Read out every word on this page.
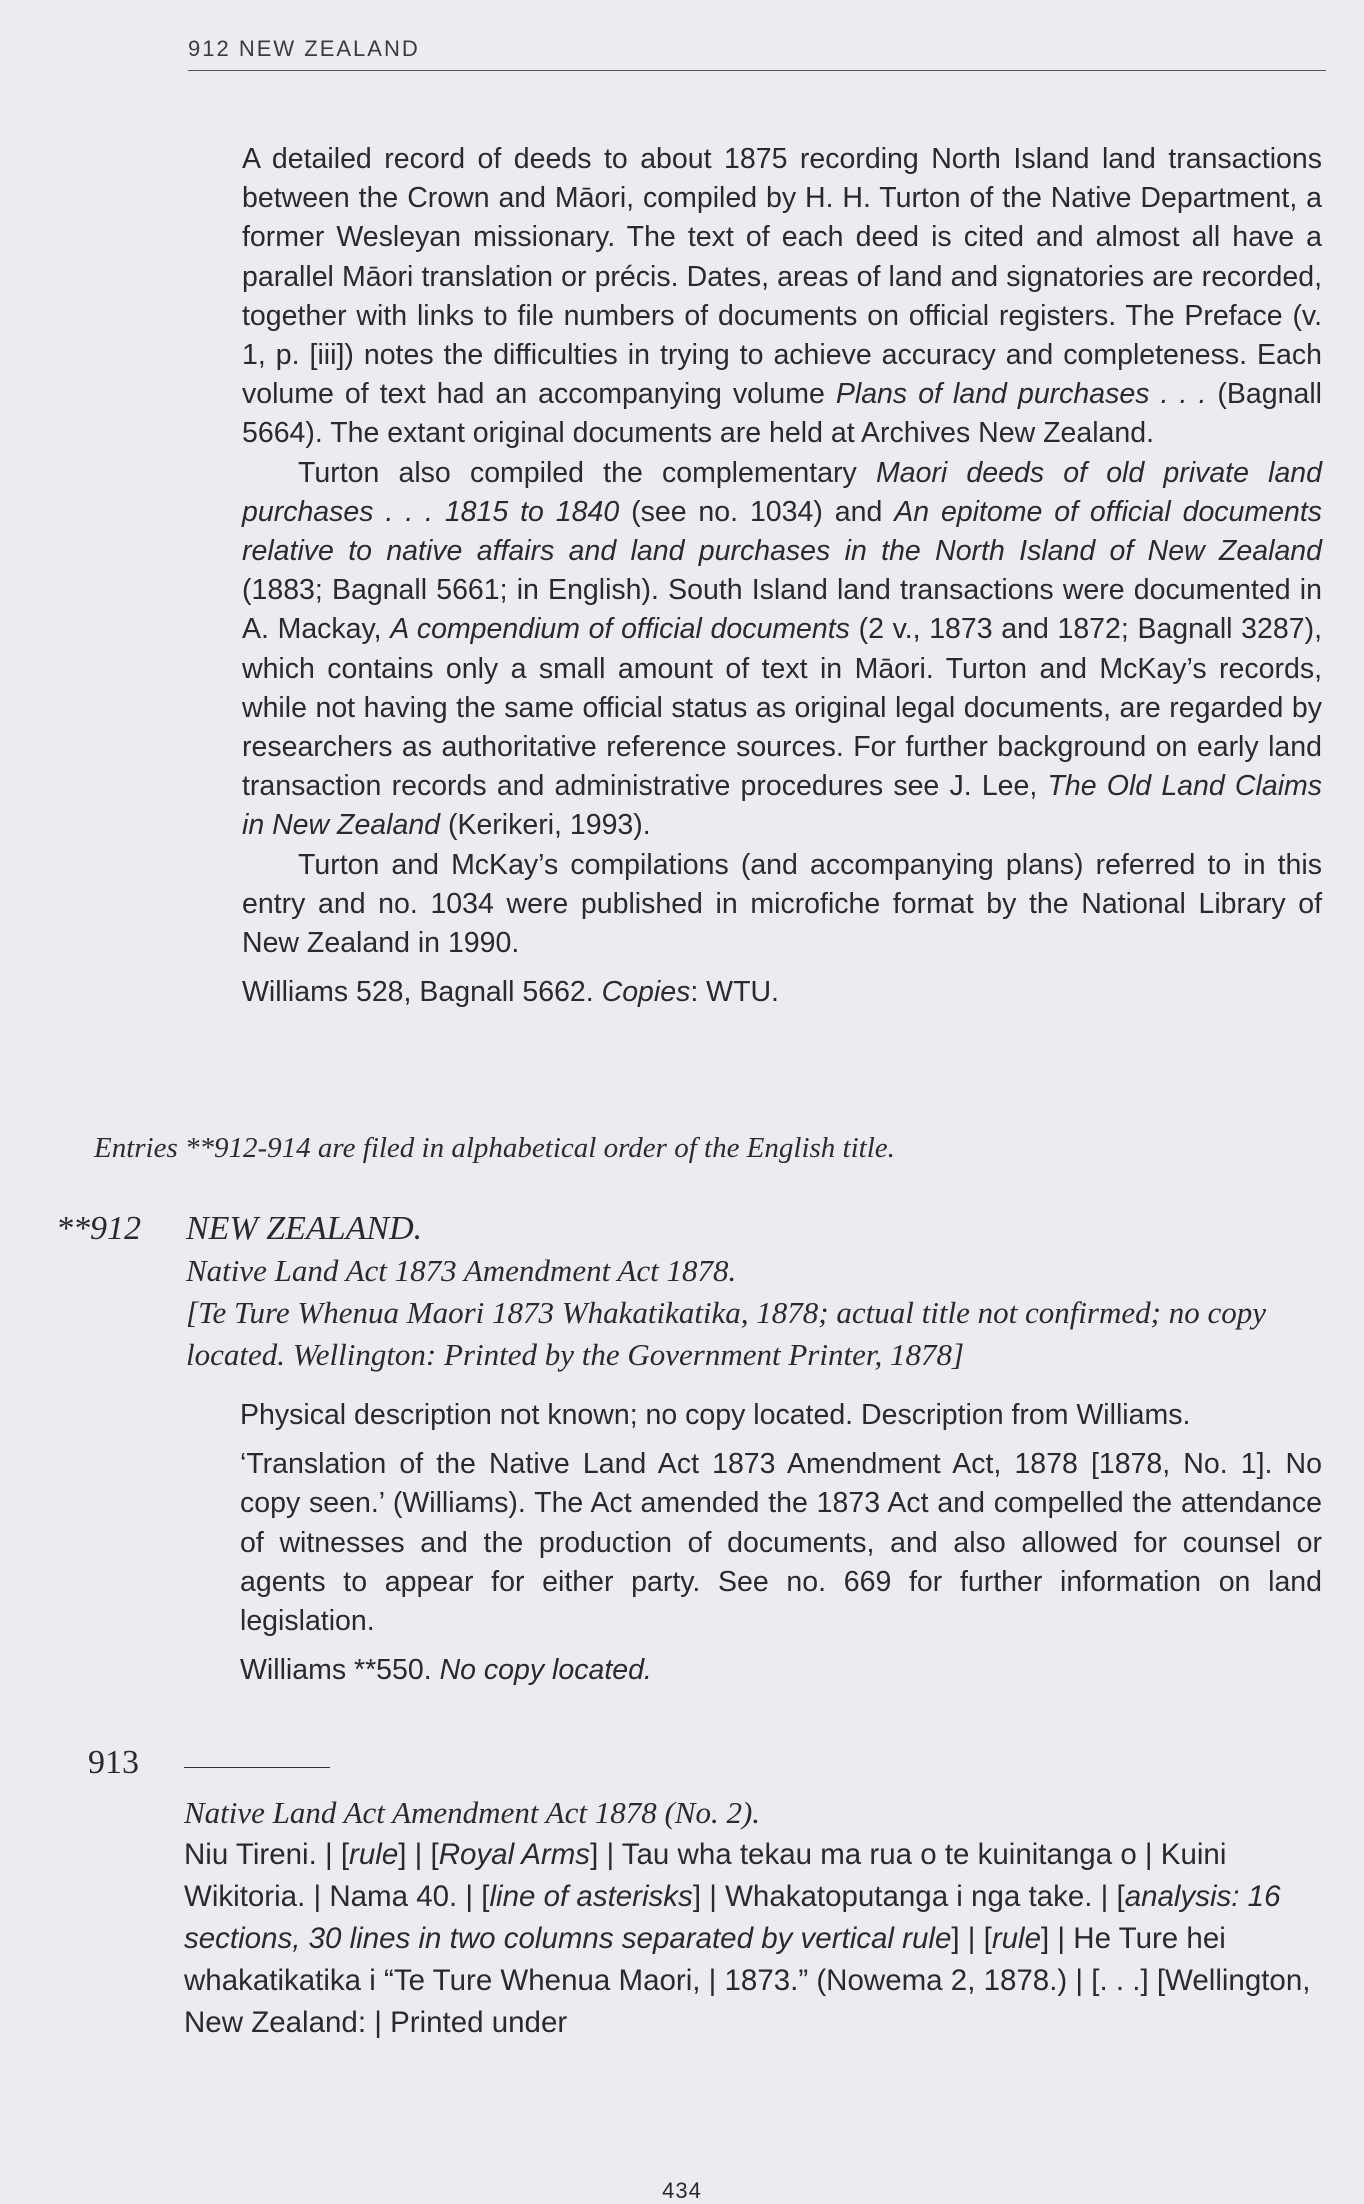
912 NEW ZEALAND

A detailed record of deeds to about 1875 recording North Island land transactions between the Crown and Māori, compiled by H. H. Turton of the Native Department, a former Wesleyan missionary. The text of each deed is cited and almost all have a parallel Māori translation or précis. Dates, areas of land and signatories are recorded, together with links to file numbers of documents on official registers. The Preface (v. 1, p. [iii]) notes the difficulties in trying to achieve accuracy and completeness. Each volume of text had an accompanying volume Plans of land purchases . . . (Bagnall 5664). The extant original documents are held at Archives New Zealand.

Turton also compiled the complementary Maori deeds of old private land purchases . . . 1815 to 1840 (see no. 1034) and An epitome of official documents relative to native affairs and land purchases in the North Island of New Zealand (1883; Bagnall 5661; in English). South Island land transactions were documented in A. Mackay, A compendium of official documents (2 v., 1873 and 1872; Bagnall 3287), which contains only a small amount of text in Māori. Turton and McKay’s records, while not having the same official status as original legal documents, are regarded by researchers as authoritative reference sources. For further background on early land transaction records and administrative procedures see J. Lee, The Old Land Claims in New Zealand (Kerikeri, 1993).

Turton and McKay’s compilations (and accompanying plans) referred to in this entry and no. 1034 were published in microfiche format by the National Library of New Zealand in 1990.

Williams 528, Bagnall 5662. Copies: WTU.

Entries **912-914 are filed in alphabetical order of the English title.
**912 NEW ZEALAND.

Native Land Act 1873 Amendment Act 1878.

[Te Ture Whenua Maori 1873 Whakatikatika, 1878; actual title not confirmed; no copy located. Wellington: Printed by the Government Printer, 1878]

Physical description not known; no copy located. Description from Williams.

‘Translation of the Native Land Act 1873 Amendment Act, 1878 [1878, No. 1]. No copy seen.’ (Williams). The Act amended the 1873 Act and compelled the attendance of witnesses and the production of documents, and also allowed for counsel or agents to appear for either party. See no. 669 for further information on land legislation.

Williams **550. No copy located.

913

Native Land Act Amendment Act 1878 (No. 2).

Niu Tireni. | [rule] | [Royal Arms] | Tau wha tekau ma rua o te kuinitanga o | Kuini Wikitoria. | Nama 40. | [line of asterisks] | Whakatoputanga i nga take. | [analysis: 16 sections, 30 lines in two columns separated by vertical rule] | [rule] | He Ture hei whakatikatika i “Te Ture Whenua Maori, | 1873.” (Nowema 2, 1878.) | [. . .] [Wellington, New Zealand: | Printed under

434
